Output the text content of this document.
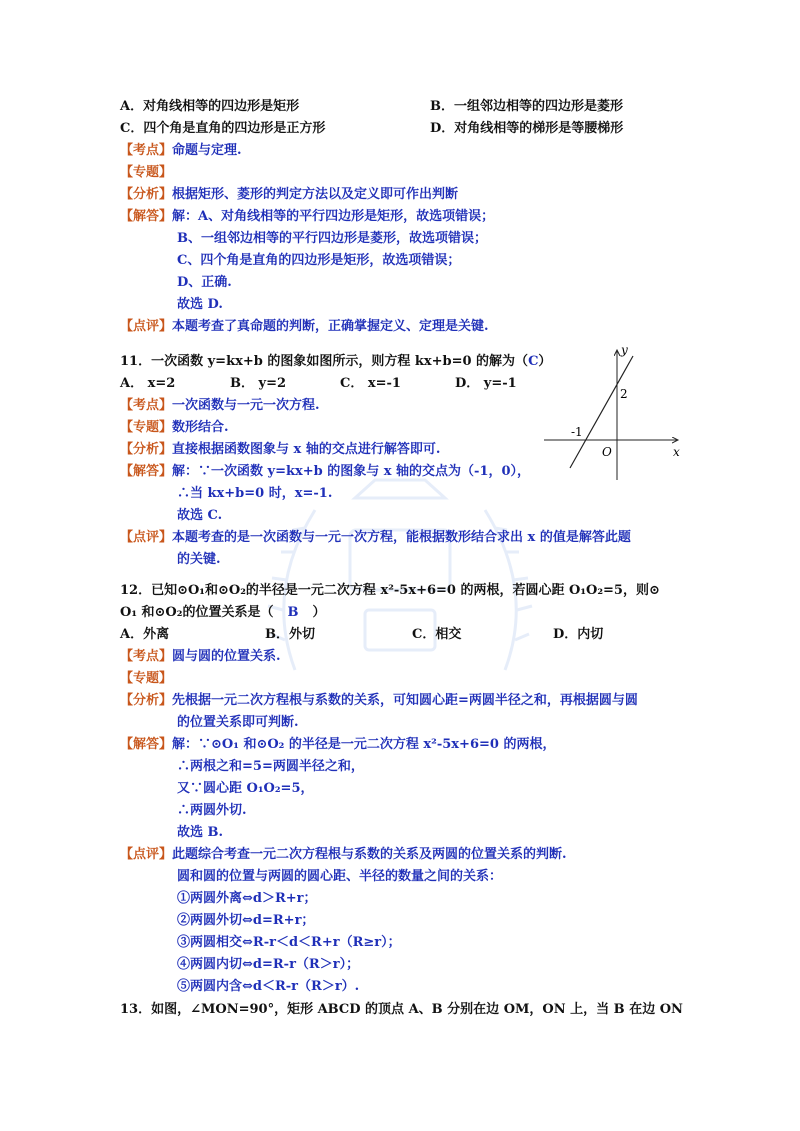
A．对角线相等的四边形是矩形	B．一组邻边相等的四边形是菱形
C．四个角是直角的四边形是正方形	D．对角线相等的梯形是等腰梯形
【考点】命题与定理.
【专题】
【分析】根据矩形、菱形的判定方法以及定义即可作出判断
【解答】解：A、对角线相等的平行四边形是矩形，故选项错误；
B、一组邻边相等的平行四边形是菱形，故选项错误；
C、四个角是直角的四边形是矩形，故选项错误；
D、正确.
故选 D.
【点评】本题考查了真命题的判断，正确掌握定义、定理是关键.
11．一次函数 y=kx+b 的图象如图所示，则方程 kx+b=0 的解为（C）
A． x=2	B． y=2	C． x=-1	D． y=-1
【考点】一次函数与一元一次方程.
【专题】数形结合.
【分析】直接根据函数图象与 x 轴的交点进行解答即可.
【解答】解：∵一次函数 y=kx+b 的图象与 x 轴的交点为（-1，0），
∴当 kx+b=0 时，x=-1.
故选 C.
【点评】本题考查的是一次函数与一元一次方程，能根据数形结合求出 x 的值是解答此题
的关键.
y
x
O
-1
2
12．已知⊙O₁和⊙O₂的半径是一元二次方程 x²-5x+6=0 的两根，若圆心距 O₁O₂=5，则⊙
O₁ 和⊙O₂的位置关系是（ B ）
A．外离	B．外切	C．相交	D．内切
【考点】圆与圆的位置关系.
【专题】
【分析】先根据一元二次方程根与系数的关系，可知圆心距=两圆半径之和，再根据圆与圆
的位置关系即可判断.
【解答】解：∵⊙O₁ 和⊙O₂ 的半径是一元二次方程 x²-5x+6=0 的两根，
∴两根之和=5=两圆半径之和，
又∵圆心距 O₁O₂=5，
∴两圆外切.
故选 B.
【点评】此题综合考查一元二次方程根与系数的关系及两圆的位置关系的判断.
圆和圆的位置与两圆的圆心距、半径的数量之间的关系：
①两圆外离⇔d＞R+r；
②两圆外切⇔d=R+r；
③两圆相交⇔R-r＜d＜R+r（R≥r）；
④两圆内切⇔d=R-r（R＞r）；
⑤两圆内含⇔d＜R-r（R＞r）.
13．如图，∠MON=90°，矩形 ABCD 的顶点 A、B 分别在边 OM，ON 上，当 B 在边 ON
